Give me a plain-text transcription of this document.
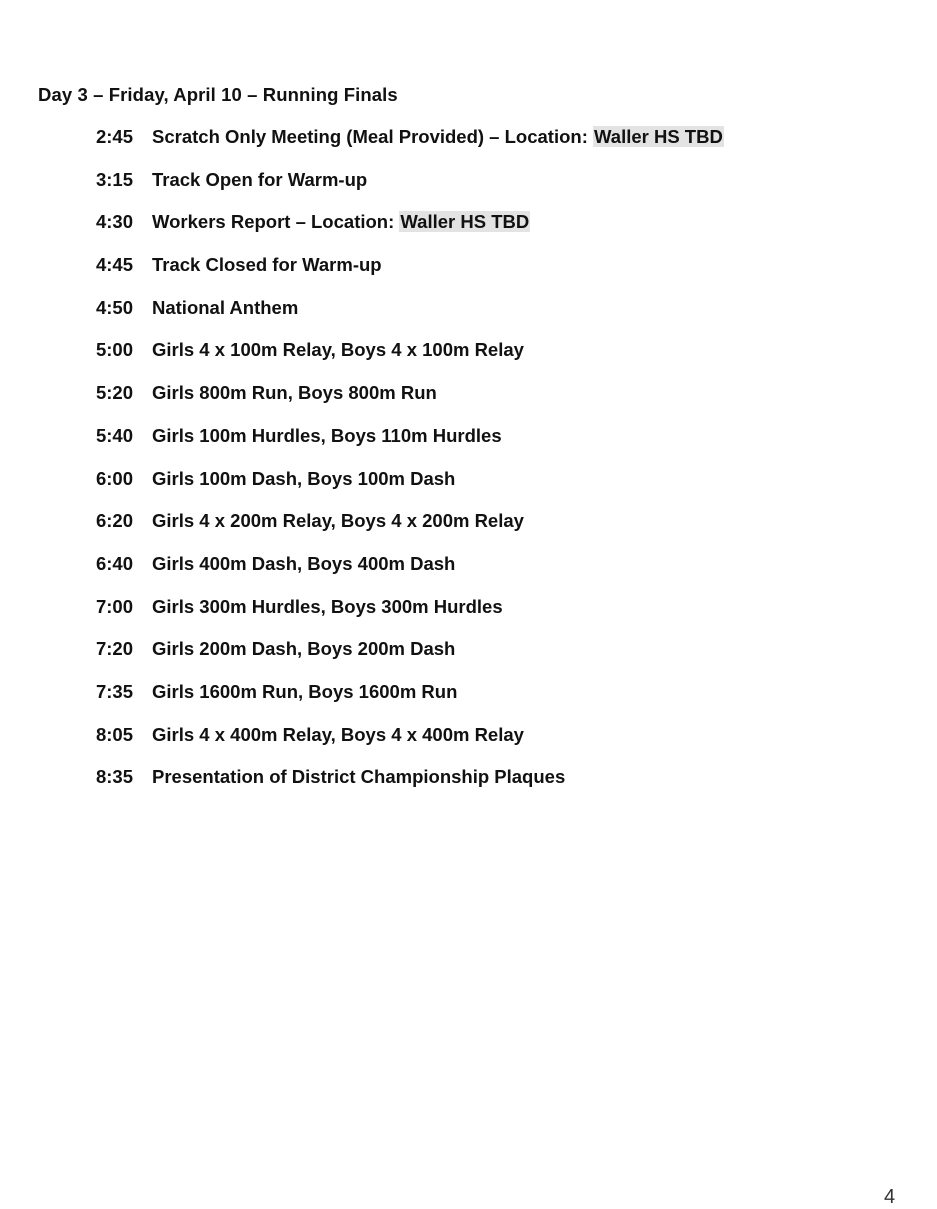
Day 3 – Friday, April 10 – Running Finals
2:45 Scratch Only Meeting (Meal Provided) – Location: Waller HS TBD
3:15 Track Open for Warm-up
4:30 Workers Report – Location: Waller HS TBD
4:45 Track Closed for Warm-up
4:50 National Anthem
5:00 Girls 4 x 100m Relay, Boys 4 x 100m Relay
5:20 Girls 800m Run, Boys 800m Run
5:40 Girls 100m Hurdles, Boys 110m Hurdles
6:00 Girls 100m Dash, Boys 100m Dash
6:20 Girls 4 x 200m Relay, Boys 4 x 200m Relay
6:40 Girls 400m Dash, Boys 400m Dash
7:00 Girls 300m Hurdles, Boys 300m Hurdles
7:20 Girls 200m Dash, Boys 200m Dash
7:35 Girls 1600m Run, Boys 1600m Run
8:05 Girls 4 x 400m Relay, Boys 4 x 400m Relay
8:35 Presentation of District Championship Plaques
4
